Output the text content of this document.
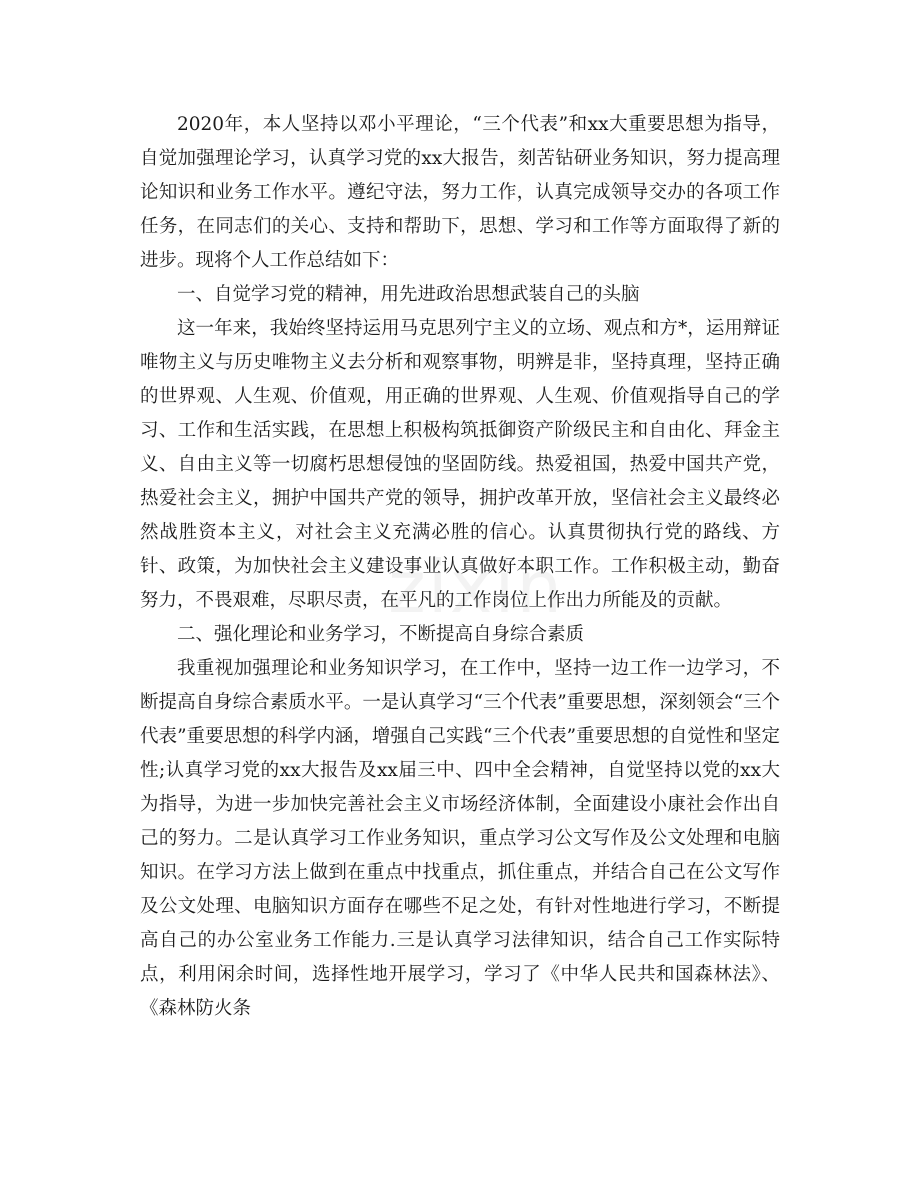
2020年，本人坚持以邓小平理论，“三个代表”和xx大重要思想为指导，自觉加强理论学习，认真学习党的xx大报告，刻苦钻研业务知识，努力提高理论知识和业务工作水平。遵纪守法，努力工作，认真完成领导交办的各项工作任务，在同志们的关心、支持和帮助下，思想、学习和工作等方面取得了新的进步。现将个人工作总结如下：

一、自觉学习党的精神，用先进政治思想武装自己的头脑

这一年来，我始终坚持运用马克思列宁主义的立场、观点和方*，运用辩证唯物主义与历史唯物主义去分析和观察事物，明辨是非，坚持真理，坚持正确的世界观、人生观、价值观，用正确的世界观、人生观、价值观指导自己的学习、工作和生活实践，在思想上积极构筑抵御资产阶级民主和自由化、拜金主义、自由主义等一切腐朽思想侵蚀的坚固防线。热爱祖国，热爱中国共产党，热爱社会主义，拥护中国共产党的领导，拥护改革开放，坚信社会主义最终必然战胜资本主义，对社会主义充满必胜的信心。认真贯彻执行党的路线、方针、政策，为加快社会主义建设事业认真做好本职工作。工作积极主动，勤奋努力，不畏艰难，尽职尽责，在平凡的工作岗位上作出力所能及的贡献。

二、强化理论和业务学习，不断提高自身综合素质

我重视加强理论和业务知识学习，在工作中，坚持一边工作一边学习，不断提高自身综合素质水平。一是认真学习“三个代表”重要思想，深刻领会“三个代表”重要思想的科学内涵，增强自己实践“三个代表”重要思想的自觉性和坚定性;认真学习党的xx大报告及xx届三中、四中全会精神，自觉坚持以党的xx大为指导，为进一步加快完善社会主义市场经济体制，全面建设小康社会作出自己的努力。二是认真学习工作业务知识，重点学习公文写作及公文处理和电脑知识。在学习方法上做到在重点中找重点，抓住重点，并结合自己在公文写作及公文处理、电脑知识方面存在哪些不足之处，有针对性地进行学习，不断提高自己的办公室业务工作能力.三是认真学习法律知识，结合自己工作实际特点，利用闲余时间，选择性地开展学习，学习了《中华人民共和国森林法》、《森林防火条
